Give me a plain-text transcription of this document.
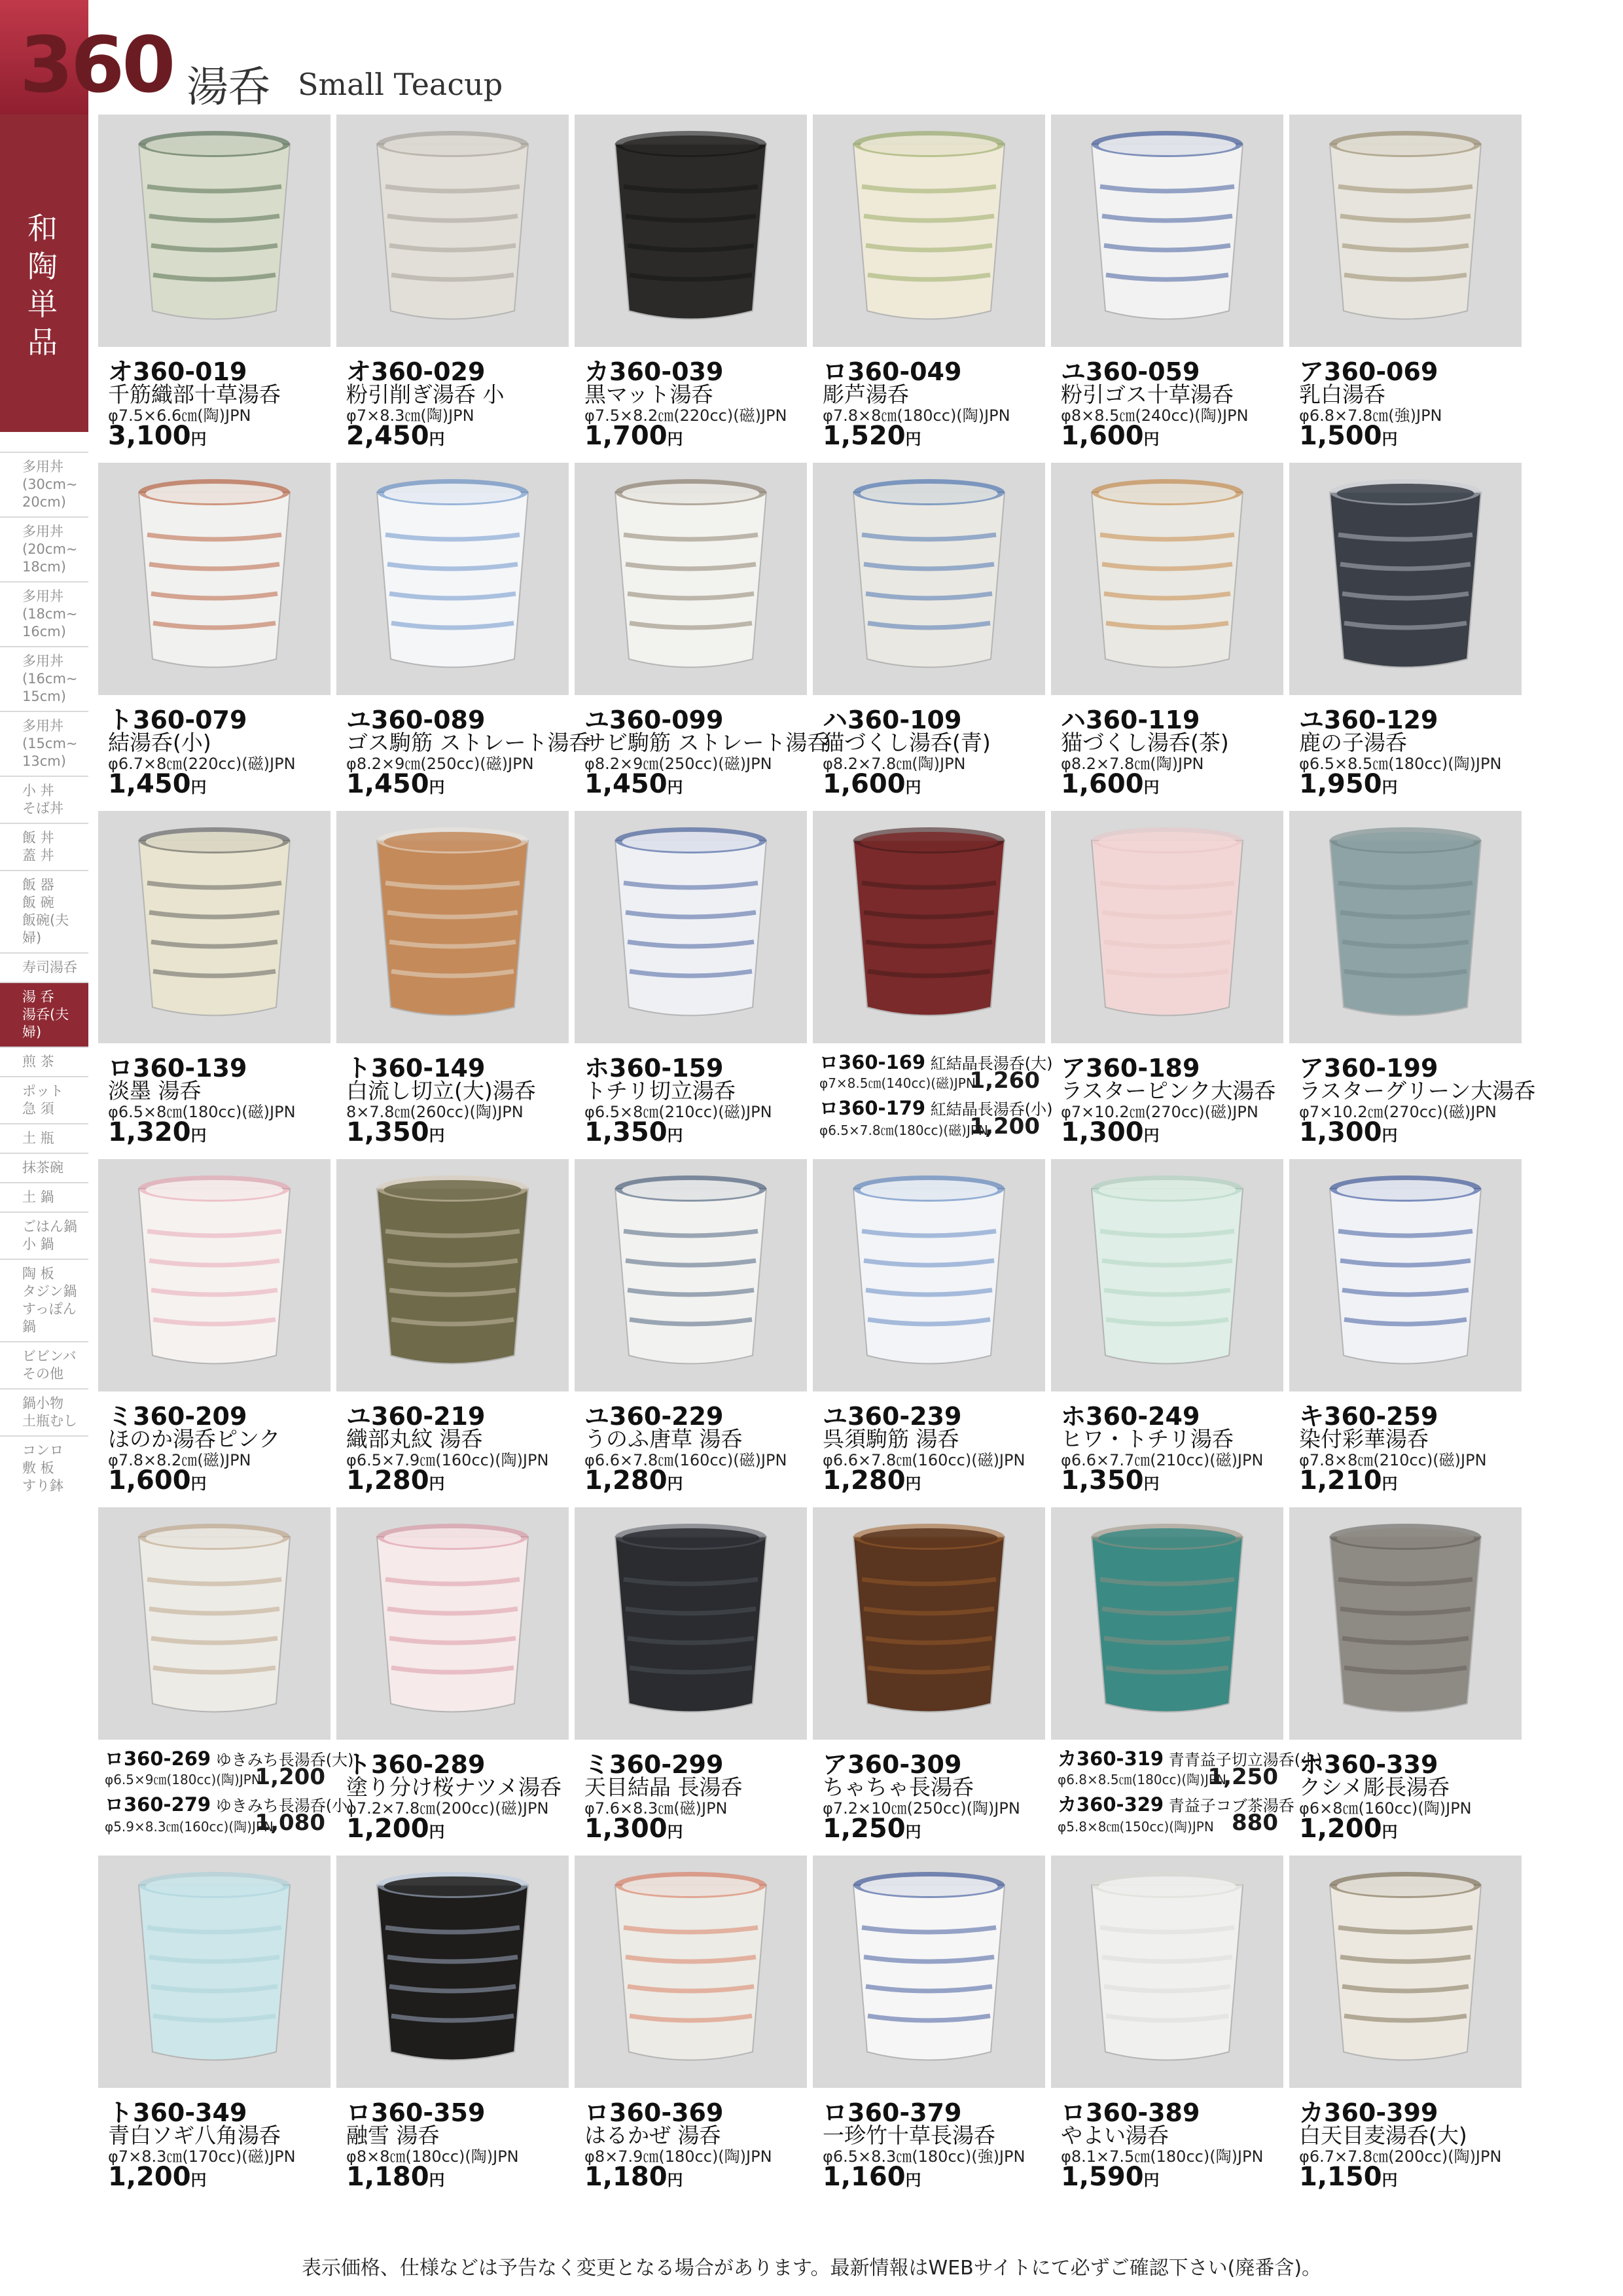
360 湯呑 Small Teacup
和陶単品
多用丼
(30cm~
20cm)
多用丼
(20cm~
18cm)
多用丼
(18cm~
16cm)
多用丼
(16cm~
15cm)
多用丼
(15cm~
13cm)
小 丼
そば丼
飯 丼
蓋 丼
飯 器
飯 碗
飯碗(夫婦)
寿司湯呑
湯 呑
湯呑(夫婦)
煎 茶
ポット
急 須
土 瓶
抹茶碗
土 鍋
ごはん鍋
小 鍋
陶 板
タジン鍋
すっぽん鍋
ビビンバ
その他
鍋小物
土瓶むし
コンロ
敷 板
すり鉢
オ360-019
千筋織部十草湯呑
φ7.5×6.6㎝(陶)JPN
3,100円
オ360-029
粉引削ぎ湯呑 小
φ7×8.3㎝(陶)JPN
2,450円
カ360-039
黒マット湯呑
φ7.5×8.2㎝(220cc)(磁)JPN
1,700円
ロ360-049
彫芦湯呑
φ7.8×8㎝(180cc)(陶)JPN
1,520円
ユ360-059
粉引ゴス十草湯呑
φ8×8.5㎝(240cc)(陶)JPN
1,600円
ア360-069
乳白湯呑
φ6.8×7.8㎝(強)JPN
1,500円
ト360-079
結湯呑(小)
φ6.7×8㎝(220cc)(磁)JPN
1,450円
ユ360-089
ゴス駒筋 ストレート湯呑
φ8.2×9㎝(250cc)(磁)JPN
1,450円
ユ360-099
サビ駒筋 ストレート湯呑
φ8.2×9㎝(250cc)(磁)JPN
1,450円
ハ360-109
猫づくし湯呑(青)
φ8.2×7.8㎝(陶)JPN
1,600円
ハ360-119
猫づくし湯呑(茶)
φ8.2×7.8㎝(陶)JPN
1,600円
ユ360-129
鹿の子湯呑
φ6.5×8.5㎝(180cc)(陶)JPN
1,950円
ロ360-139
淡墨 湯呑
φ6.5×8㎝(180cc)(磁)JPN
1,320円
ト360-149
白流し切立(大)湯呑
8×7.8㎝(260cc)(陶)JPN
1,350円
ホ360-159
トチリ切立湯呑
φ6.5×8㎝(210cc)(磁)JPN
1,350円
ロ360-169 紅結晶長湯呑(大)
φ7×8.5㎝(140cc)(磁)JPN
1,260
ロ360-179 紅結晶長湯呑(小)
φ6.5×7.8㎝(180cc)(磁)JPN
1,200
ア360-189
ラスターピンク大湯呑
φ7×10.2㎝(270cc)(磁)JPN
1,300円
ア360-199
ラスターグリーン大湯呑
φ7×10.2㎝(270cc)(磁)JPN
1,300円
ミ360-209
ほのか湯呑ピンク
φ7.8×8.2㎝(磁)JPN
1,600円
ユ360-219
織部丸紋 湯呑
φ6.5×7.9㎝(160cc)(陶)JPN
1,280円
ユ360-229
うのふ唐草 湯呑
φ6.6×7.8㎝(160cc)(磁)JPN
1,280円
ユ360-239
呉須駒筋 湯呑
φ6.6×7.8㎝(160cc)(磁)JPN
1,280円
ホ360-249
ヒワ・トチリ湯呑
φ6.6×7.7㎝(210cc)(磁)JPN
1,350円
キ360-259
染付彩華湯呑
φ7.8×8㎝(210cc)(磁)JPN
1,210円
ロ360-269 ゆきみち長湯呑(大)
φ6.5×9㎝(180cc)(陶)JPN
1,200
ロ360-279 ゆきみち長湯呑(小)
φ5.9×8.3㎝(160cc)(陶)JPN
1,080
ト360-289
塗り分け桜ナツメ湯呑
φ7.2×7.8㎝(200cc)(磁)JPN
1,200円
ミ360-299
天目結晶 長湯呑
φ7.6×8.3㎝(磁)JPN
1,300円
ア360-309
ちゃちゃ長湯呑
φ7.2×10㎝(250cc)(陶)JPN
1,250円
カ360-319 青青益子切立湯呑(小)
φ6.8×8.5㎝(180cc)(陶)JPN
1,250
カ360-329 青益子コブ茶湯呑
φ5.8×8㎝(150cc)(陶)JPN 880
ホ360-339
クシメ彫長湯呑
φ6×8㎝(160cc)(陶)JPN
1,200円
ト360-349
青白ソギ八角湯呑
φ7×8.3㎝(170cc)(磁)JPN
1,200円
ロ360-359
融雪 湯呑
φ8×8㎝(180cc)(陶)JPN
1,180円
ロ360-369
はるかぜ 湯呑
φ8×7.9㎝(180cc)(陶)JPN
1,180円
ロ360-379
一珍竹十草長湯呑
φ6.5×8.3㎝(180cc)(強)JPN
1,160円
ロ360-389
やよい湯呑
φ8.1×7.5㎝(180cc)(陶)JPN
1,590円
カ360-399
白天目麦湯呑(大)
φ6.7×7.8㎝(200cc)(陶)JPN
1,150円
表示価格、仕様などは予告なく変更となる場合があります。最新情報はWEBサイトにて必ずご確認下さい(廃番含)。
